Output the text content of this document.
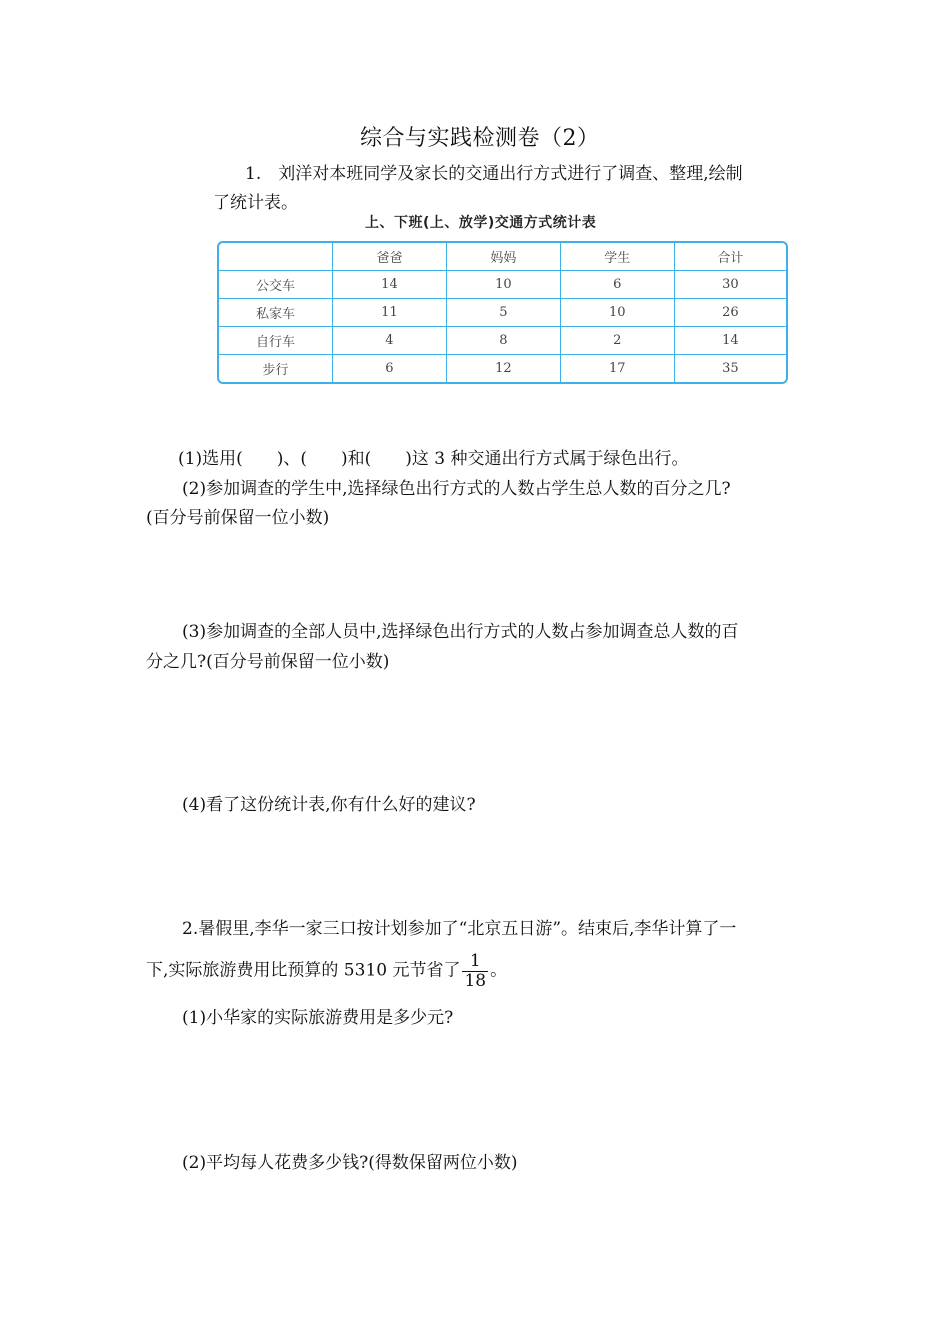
综合与实践检测卷（2）
1.　刘洋对本班同学及家长的交通出行方式进行了调查、整理,绘制
了统计表。
上、下班(上、放学)交通方式统计表
	爸爸	妈妈	学生	合计
公交车	14	10	6	30
私家车	11	5	10	26
自行车	4	8	2	14
步行	6	12	17	35
(1)选用(　　)、(　　)和(　　)这 3 种交通出行方式属于绿色出行。
(2)参加调查的学生中,选择绿色出行方式的人数占学生总人数的百分之几?
(百分号前保留一位小数)
(3)参加调查的全部人员中,选择绿色出行方式的人数占参加调查总人数的百
分之几?(百分号前保留一位小数)
(4)看了这份统计表,你有什么好的建议?
2.暑假里,李华一家三口按计划参加了“北京五日游”。结束后,李华计算了一
下,实际旅游费用比预算的 5310 元节省了 $\frac{1}{18}$ 。
(1)小华家的实际旅游费用是多少元?
(2)平均每人花费多少钱?(得数保留两位小数)
